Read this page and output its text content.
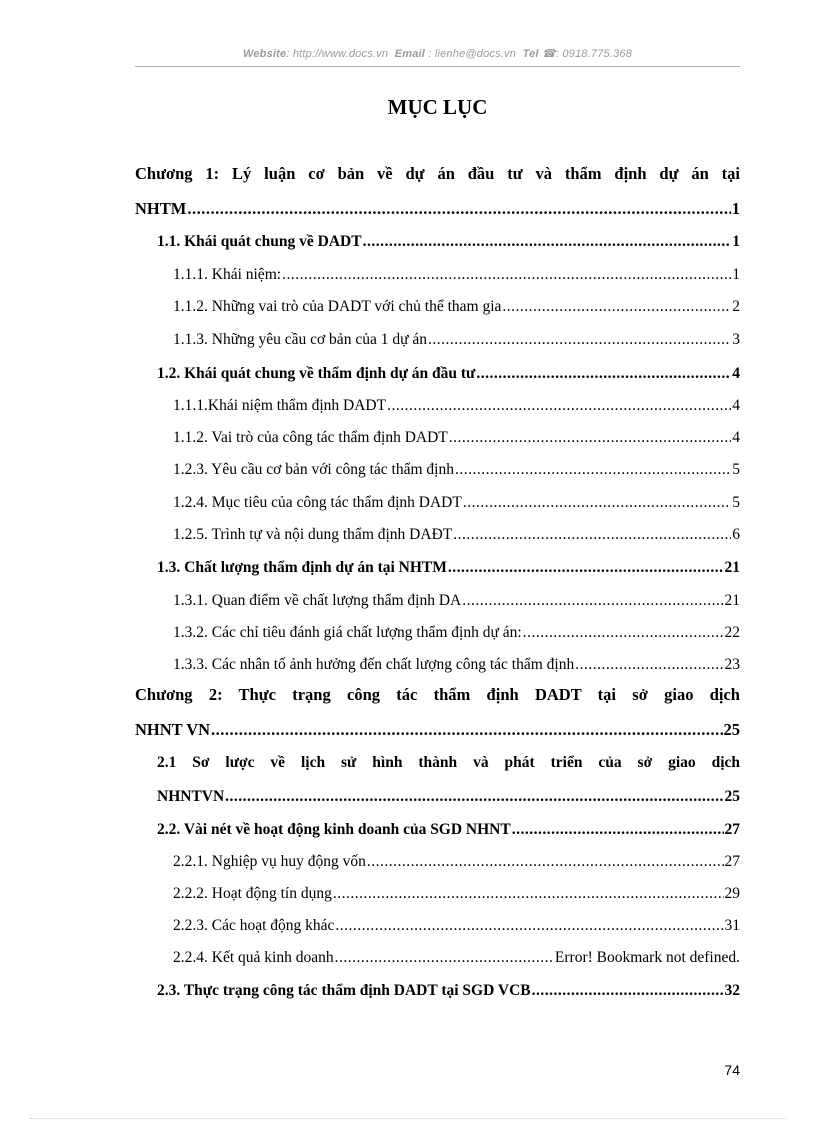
Website: http://www.docs.vn Email : lienhe@docs.vn Tel ☎: 0918.775.368
MỤC LỤC
Chương 1: Lý luận cơ bản về dự án đầu tư và thẩm định dự án tại
NHTM .....	1
1.1. Khái quát chung về DADT .....	1
1.1.1. Khái niệm: .....	1
1.1.2. Những vai trò của DADT với chủ thể tham gia .....	2
1.1.3. Những yêu cầu cơ bản của 1 dự án .....	3
1.2. Khái quát chung về thẩm định dự án đầu tư .....	4
1.1.1.Khái niệm thẩm định DADT .....	4
1.1.2. Vai trò của công tác thẩm định DADT .....	4
1.2.3. Yêu cầu cơ bản với công tác thẩm định .....	5
1.2.4. Mục tiêu của công tác thẩm định DADT .....	5
1.2.5. Trình tự và nội dung thẩm định DAĐT .....	6
1.3. Chất lượng thẩm định dự án tại NHTM .....	21
1.3.1. Quan điểm về chất lượng thẩm định DA .....	21
1.3.2. Các chỉ tiêu đánh giá chất lượng thẩm định dự án: .....	22
1.3.3. Các nhân tố ảnh hưởng đến chất lượng công tác thẩm định .....	23
Chương 2: Thực trạng công tác thẩm định DADT tại sở giao dịch
NHNT VN .....	25
2.1 Sơ lược về lịch sử hình thành và phát triển của sở giao dịch
NHNTVN .....	25
2.2. Vài nét về hoạt động kinh doanh của SGD NHNT .....	27
2.2.1. Nghiệp vụ huy động vốn .....	27
2.2.2. Hoạt động tín dụng .....	29
2.2.3. Các hoạt động khác .....	31
2.2.4. Kết quả kinh doanh .....	Error! Bookmark not defined.
2.3. Thực trạng công tác thẩm định DADT tại SGD VCB .....	32
74
